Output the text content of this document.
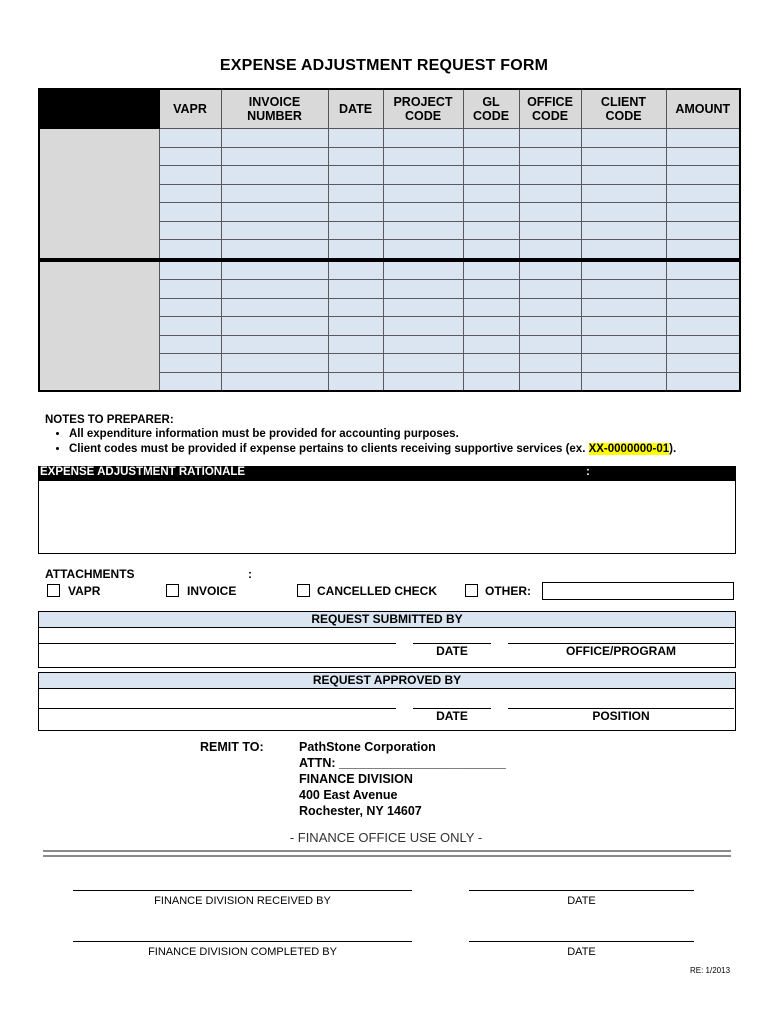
EXPENSE ADJUSTMENT REQUEST FORM
	VAPR	INVOICE NUMBER	DATE	PROJECT CODE	GL CODE	OFFICE CODE	CLIENT CODE	AMOUNT

NOTES TO PREPARER:
• All expenditure information must be provided for accounting purposes.
• Client codes must be provided if expense pertains to clients receiving supportive services (ex. XX-0000000-01).
EXPENSE ADJUSTMENT RATIONALE	:
ATTACHMENTS	:
VAPR	INVOICE	CANCELLED CHECK	OTHER:
REQUEST SUBMITTED BY
DATE	OFFICE/PROGRAM
REQUEST APPROVED BY
DATE	POSITION
REMIT TO:	PathStone Corporation
ATTN: ________________________
FINANCE DIVISION
400 East Avenue
Rochester, NY 14607
- FINANCE OFFICE USE ONLY -
FINANCE DIVISION RECEIVED BY	DATE
FINANCE DIVISION COMPLETED BY	DATE
RE: 1/2013
